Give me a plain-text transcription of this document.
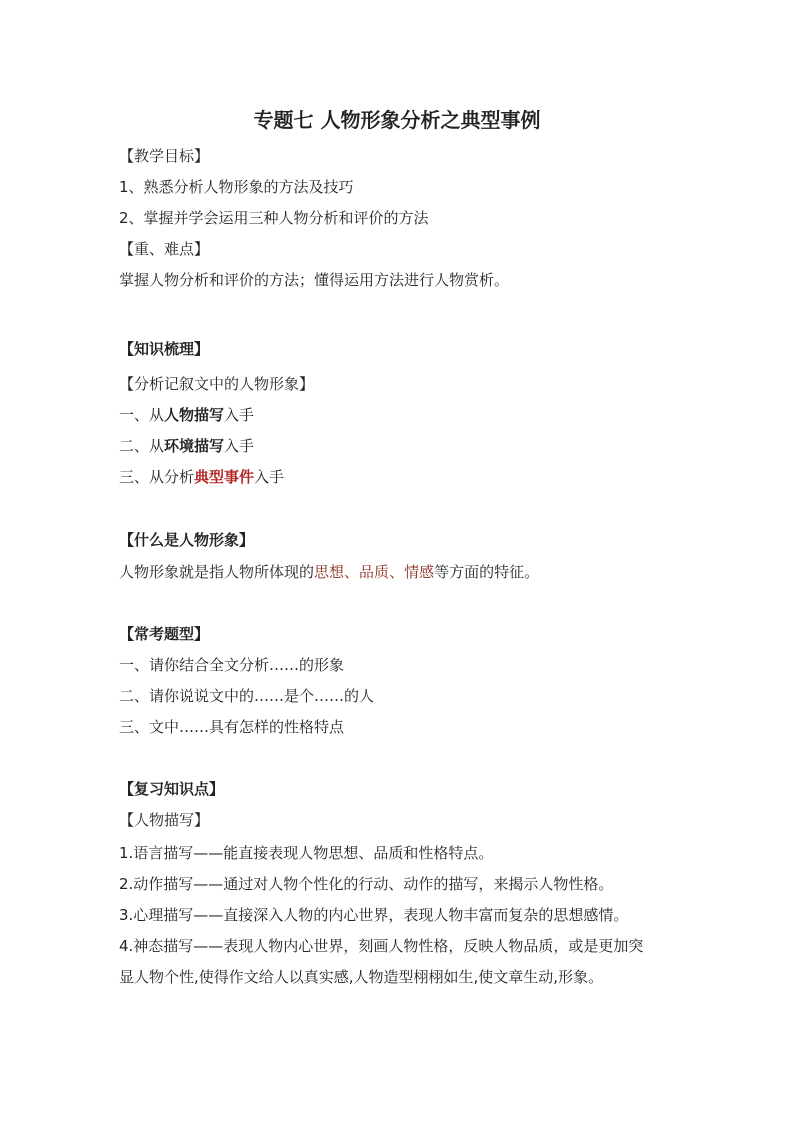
专题七 人物形象分析之典型事例
【教学目标】
1、熟悉分析人物形象的方法及技巧
2、掌握并学会运用三种人物分析和评价的方法
【重、难点】
掌握人物分析和评价的方法；懂得运用方法进行人物赏析。
【知识梳理】
【分析记叙文中的人物形象】
一、从人物描写入手
二、从环境描写入手
三、从分析典型事件入手
【什么是人物形象】
人物形象就是指人物所体现的思想、品质、情感等方面的特征。
【常考题型】
一、请你结合全文分析……的形象
二、请你说说文中的……是个……的人
三、文中……具有怎样的性格特点
【复习知识点】
【人物描写】
1.语言描写——能直接表现人物思想、品质和性格特点。
2.动作描写——通过对人物个性化的行动、动作的描写，来揭示人物性格。
3.心理描写——直接深入人物的内心世界，表现人物丰富而复杂的思想感情。
4.神态描写——表现人物内心世界，刻画人物性格，反映人物品质，或是更加突
显人物个性,使得作文给人以真实感,人物造型栩栩如生,使文章生动,形象。
